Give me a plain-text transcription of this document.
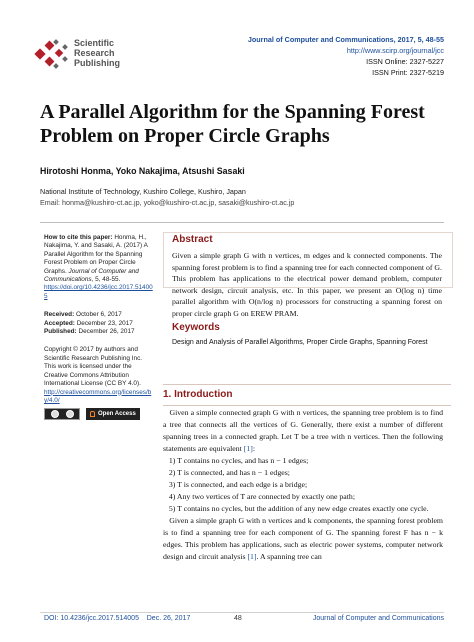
Scientific
Research
Publishing
Journal of Computer and Communications, 2017, 5, 48-55
http://www.scirp.org/journal/jcc
ISSN Online: 2327-5227
ISSN Print: 2327-5219
A Parallel Algorithm for the Spanning Forest Problem on Proper Circle Graphs
Hirotoshi Honma, Yoko Nakajima, Atsushi Sasaki
National Institute of Technology, Kushiro College, Kushiro, Japan
Email: honma@kushiro-ct.ac.jp, yoko@kushiro-ct.ac.jp, sasaki@kushiro-ct.ac.jp
How to cite this paper: Honma, H., Nakajima, Y. and Sasaki, A. (2017) A Parallel Algorithm for the Spanning Forest Problem on Proper Circle Graphs. Journal of Computer and Communications, 5, 48-55.
https://doi.org/10.4236/jcc.2017.514005
Received: October 6, 2017
Accepted: December 23, 2017
Published: December 26, 2017
Copyright © 2017 by authors and Scientific Research Publishing Inc.
This work is licensed under the Creative Commons Attribution International License (CC BY 4.0).
http://creativecommons.org/licenses/by/4.0/
Open Access
Abstract
Given a simple graph G with n vertices, m edges and k connected components. The spanning forest problem is to find a spanning tree for each connected component of G. This problem has applications to the electrical power demand problem, computer network design, circuit analysis, etc. In this paper, we present an O(log n) time parallel algorithm with O(n/log n) processors for constructing a spanning forest on proper circle graph G on EREW PRAM.
Keywords
Design and Analysis of Parallel Algorithms, Proper Circle Graphs, Spanning Forest
1. Introduction

Given a simple connected graph G with n vertices, the spanning tree problem is to find a tree that connects all the vertices of G. Generally, there exist a number of different spanning trees in a connected graph. Let T be a tree with n vertices. Then the following statements are equivalent [1]:

1) T contains no cycles, and has n − 1 edges;

2) T is connected, and has n − 1 edges;

3) T is connected, and each edge is a bridge;

4) Any two vertices of T are connected by exactly one path;

5) T contains no cycles, but the addition of any new edge creates exactly one cycle.

Given a simple graph G with n vertices and k components, the spanning forest problem is to find a spanning tree for each component of G. The spanning forest F has n − k edges. This problem has applications, such as electric power systems, computer network design and circuit analysis [1]. A spanning tree can

DOI: 10.4236/jcc.2017.514005 Dec. 26, 2017	48	Journal of Computer and Communications
